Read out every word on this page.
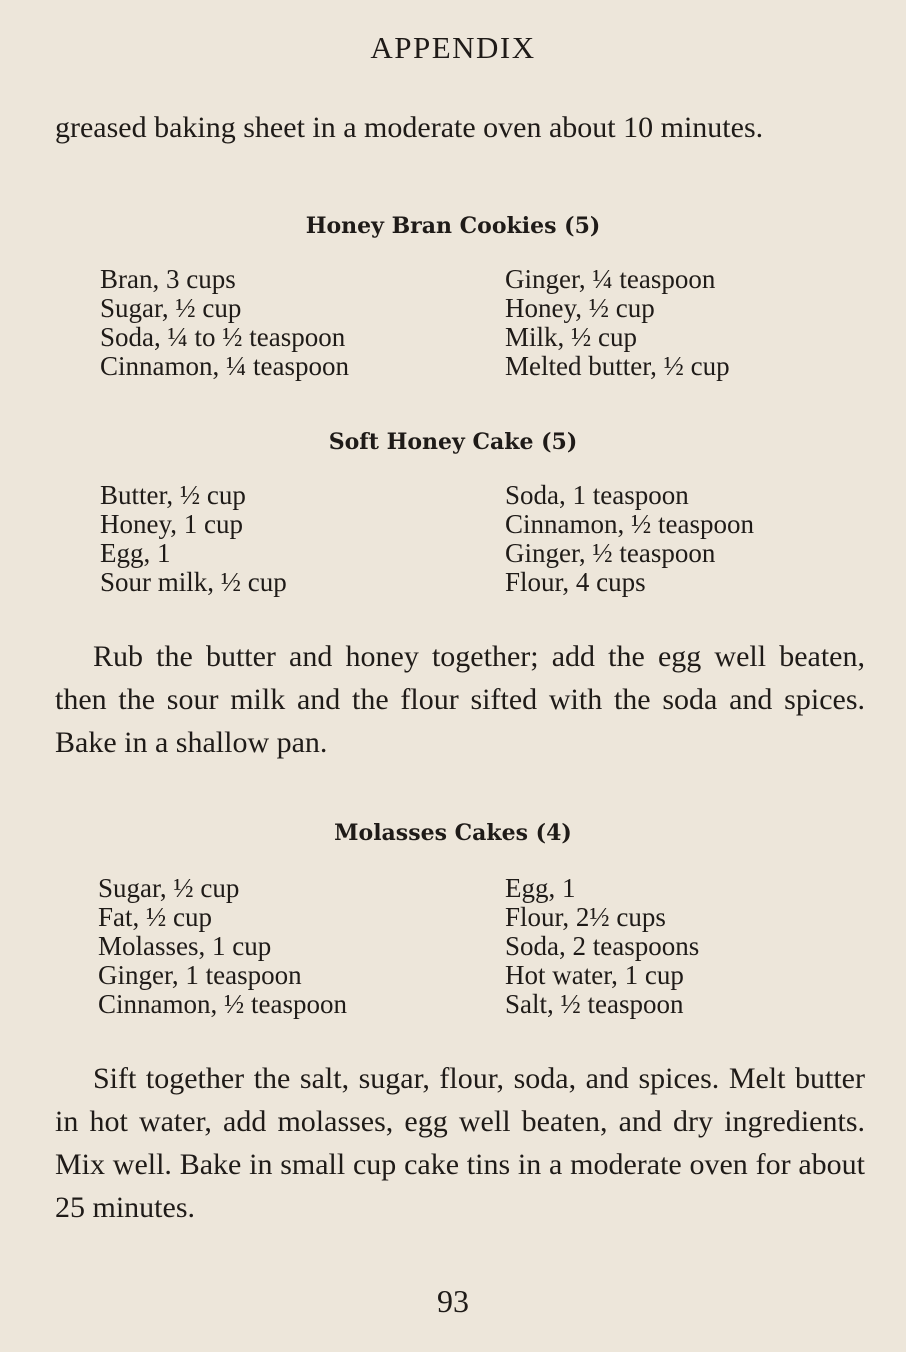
APPENDIX

greased baking sheet in a moderate oven about 10 minutes.

Honey Bran Cookies (5)
Bran, 3 cups
Sugar, ½ cup
Soda, ¼ to ½ teaspoon
Cinnamon, ¼ teaspoon
Ginger, ¼ teaspoon
Honey, ½ cup
Milk, ½ cup
Melted butter, ½ cup
Soft Honey Cake (5)
Butter, ½ cup
Honey, 1 cup
Egg, 1
Sour milk, ½ cup
Soda, 1 teaspoon
Cinnamon, ½ teaspoon
Ginger, ½ teaspoon
Flour, 4 cups

Rub the butter and honey together; add the egg well beaten, then the sour milk and the flour sifted with the soda and spices. Bake in a shallow pan.

Molasses Cakes (4)
Sugar, ½ cup
Fat, ½ cup
Molasses, 1 cup
Ginger, 1 teaspoon
Cinnamon, ½ teaspoon
Egg, 1
Flour, 2½ cups
Soda, 2 teaspoons
Hot water, 1 cup
Salt, ½ teaspoon

Sift together the salt, sugar, flour, soda, and spices. Melt butter in hot water, add molasses, egg well beaten, and dry ingredients. Mix well. Bake in small cup cake tins in a moderate oven for about 25 minutes.

93
